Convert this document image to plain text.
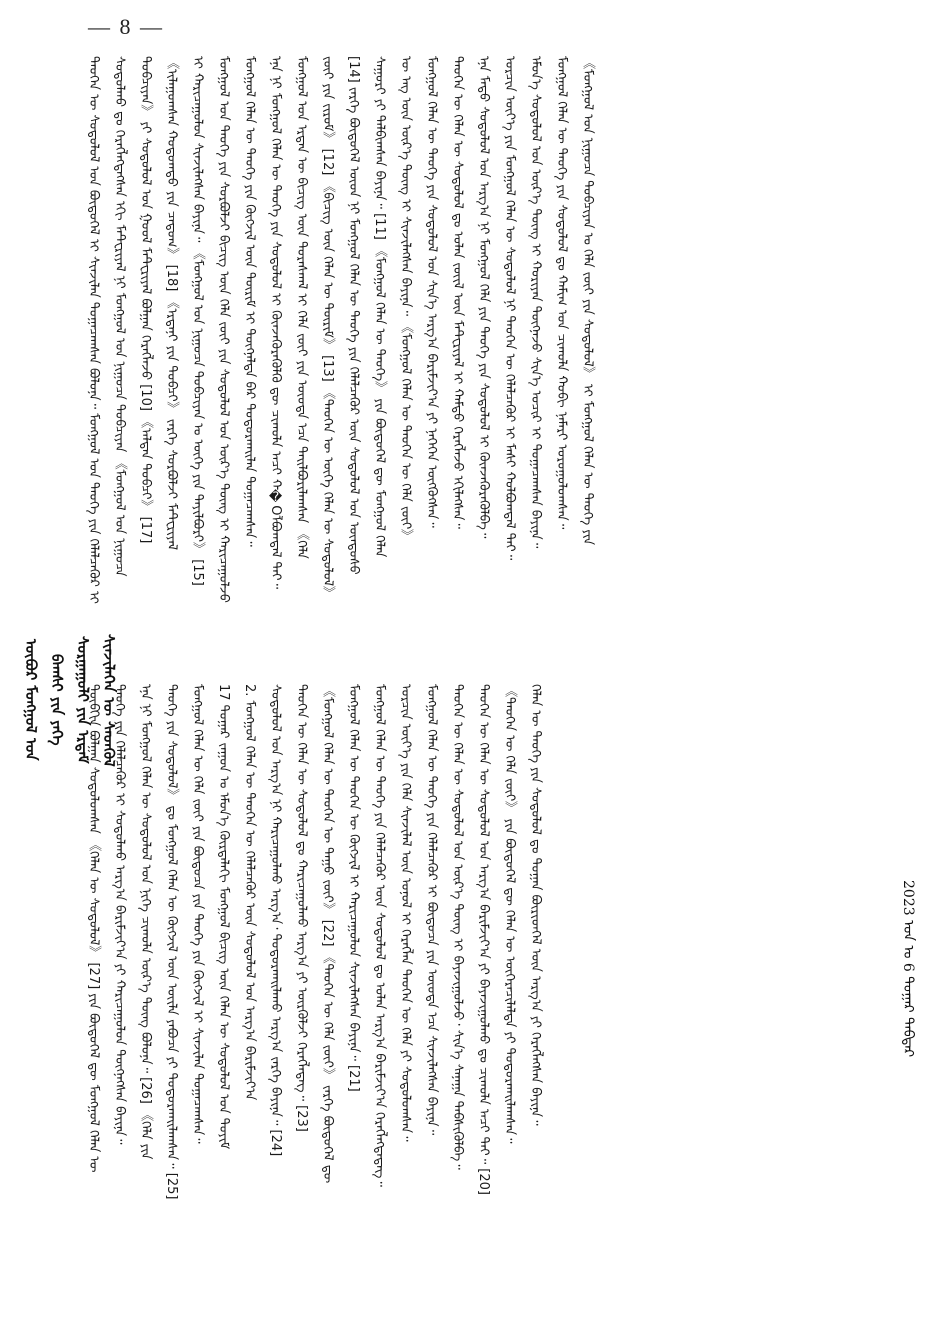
— 8 —
ᠥᠪᠦᠷ ᠮᠣᠩᠭᠣᠯ ᠤᠨ ᠪᠠᠭᠰᠢ ᠶᠢᠨ ᠶᠡᠬᠡ ᠰᠤᠷᠭᠠᠭᠤᠯᠢ ᠶᠢᠨ ᠡᠷᠳᠡᠮ ᠰᠢᠨᠵᠢᠯᠡᠭᠡᠨ ᠦ ᠰᠡᠳᠬᠦᠯ
2023 ᠣᠨ ᠤ 6 ᠳᠤᠭᠠᠷ ᠳᠡᠪᠲᠡᠷ
ᠲᠡᠦᠬᠡᠨ ᠦ ᠰᠤᠳᠤᠯᠤᠯ ᠤᠨ ᠪᠦᠲᠦᠭᠡᠯ ᠢ ᠰᠢᠨᠵᠢᠯᠡᠨ ᠲᠣᠭᠠᠴᠠᠭᠰᠠᠨ ᠪᠣᠯᠤᠨᠠ᠃ ᠮᠣᠩᠭᠣᠯ ᠤᠨ ᠲᠡᠦᠬᠡ ᠶᠢᠨ ᠬᠡᠯᠡᠯᠴᠡᠭᠦᠷ ᠢ ᠰᠤᠳᠤᠯᠬᠤ ᠳᠤ ᠬᠡᠷᠡᠭᠯᠡᠭᠳᠡᠭᠰᠡᠨ ᠡᠬᠢ ᠮᠠᠲ᠋ᠧᠷᠢᠶᠠᠯ ᠨᠢ ᠮᠣᠩᠭᠣᠯ ᠤᠨ ᠨᠢᠭᠤᠴᠠ ᠲᠣᠪᠴᠢᠶᠠᠨ 《ᠮᠣᠩᠭᠣᠯ ᠤᠨ ᠨᠢᠭᠤᠴᠠ ᠲᠣᠪᠴᠢᠶᠠᠨ》 ᠶᠢ ᠰᠤᠳᠤᠯᠤᠯ ᠤᠨ ᠭᠣᠣᠯ ᠮᠠᠲ᠋ᠧᠷᠢᠶᠠᠯ ᠪᠣᠯᠭᠠᠨ ᠬᠡᠷᠡᠭᠯᠡᠵᠦ [10] 《ᠠᠯᠲᠠᠨ ᠲᠣᠪᠴᠢ》 [17] 《ᠢᠯᠠᠭᠤᠭᠰᠠᠨ ᠬᠤᠲᠤᠭᠲᠤ ᠶᠢᠨ ᠴᠠᠳᠤᠭ》 [18] 《ᠡᠷᠳᠡᠨᠢ ᠶᠢᠨ ᠲᠣᠪᠴᠢ》 ᠵᠡᠷᠭᠡ ᠰᠤᠷᠪᠤᠯᠵᠢ ᠮᠠᠲ᠋ᠧᠷᠢᠶᠠᠯ ᠢ ᠬᠠᠷᠢᠴᠠᠭᠤᠯᠤᠨ ᠰᠢᠨᠵᠢᠯᠡᠭᠰᠡᠨ ᠪᠠᠶᠢᠨᠠ᠃ 《ᠮᠣᠩᠭᠣᠯ ᠤᠨ ᠨᠢᠭᠤᠴᠠ ᠲᠣᠪᠴᠢᠶᠠᠨ ᠤ ᠦᠭᠡ ᠶᠢᠨ ᠲᠠᠶᠢᠯᠪᠤᠷᠢ》 [15] ᠮᠣᠩᠭᠣᠯ ᠤᠨ ᠲᠡᠦᠬᠡ ᠶᠢᠨ ᠰᠤᠷᠪᠤᠯᠵᠢ ᠪᠢᠴᠢᠭ ᠦᠨ ᠬᠡᠯᠡ ᠵᠦᠢ ᠶᠢᠨ ᠰᠤᠳᠤᠯᠤᠯ ᠤᠨ ᠦᠷ᠎ᠡ ᠳᠦᠩ ᠢ ᠬᠠᠷᠢᠴᠠᠭᠤᠯᠵᠤ ᠮᠣᠩᠭᠣᠯ ᠬᠡᠯᠡᠨ ᠦ ᠲᠡᠦᠬᠡ ᠶᠢᠨ ᠬᠥᠭᠵᠢᠯ ᠦᠨ ᠳᠦᠷᠢᠮ ᠢ ᠳᠦᠭᠨᠡᠯᠲᠡ ᠪᠡᠷ ᠲᠣᠳᠤᠷᠬᠠᠢᠯᠠᠨ ᠲᠣᠭᠠᠴᠠᠭᠰᠠᠨ᠃ ᠡᠨᠡ ᠨᠢ ᠮᠣᠩᠭᠣᠯ ᠬᠡᠯᠡᠨ ᠦ ᠲᠡᠦᠬᠡ ᠶᠢᠨ ᠰᠤᠳᠤᠯᠤᠯ ᠢ ᠭᠦᠨᠵᠡᠭᠦᠷᠡᠭᠦᠯᠬᠦ ᠳᠦ ᠴᠢᠬᠤᠯᠠ ᠠᠴᠢ ᠬ�Оᠯᠪᠣᠭᠳᠠᠯ ᠲᠠᠢ᠃ ᠮᠣᠩᠭᠣᠯ ᠤᠨ ᠡᠷᠲᠡᠨ ᠦ ᠪᠢᠴᠢᠭ᠌ ᠦᠨ ᠳᠤᠷᠠᠰᠬᠠᠯ ᠢ ᠬᠡᠯᠡ ᠵᠦᠢ ᠶᠢᠨ ᠦᠦᠳᠡ ᠡᠴᠡ ᠲᠠᠢᠯᠪᠤᠷᠢᠯᠠᠭᠰᠠᠨ 《ᠬᠡᠯᠡ ᠵᠦᠢ ᠶᠢᠨ ᠵᠢᠷᠤᠮ》 [12] 《ᠪᠢᠴᠢᠭ᠌ ᠦᠨ ᠬᠡᠯᠡᠨ ᠦ ᠳᠦᠷᠢᠮ》 [13] 《ᠲᠡᠦᠬᠡᠨ ᠦ ᠦᠭᠡ ᠬᠡᠯᠡᠨ ᠦ ᠰᠤᠳᠤᠯᠤᠯ》 [14] ᠵᠡᠷᠭᠡ ᠪᠦᠲᠦᠭᠡᠯ ᠦᠳ ᠨᠢ ᠮᠣᠩᠭᠣᠯ ᠬᠡᠯᠡᠨ ᠦ ᠲᠡᠦᠬᠡ ᠶᠢᠨ ᠬᠡᠯᠡᠯᠴᠡᠭᠦᠷ ᠦᠨ ᠰᠤᠳᠤᠯᠤᠯ ᠤᠨ ᠦᠨᠳᠦᠰᠦ ᠰᠠᠭᠤᠷᠢ ᠶᠢ ᠲᠠᠯᠪᠢᠭᠰᠠᠨ ᠪᠠᠶᠢᠨᠠ᠃ [11] 《ᠮᠣᠩᠭᠣᠯ ᠬᠡᠯᠡᠨ ᠦ ᠲᠡᠦᠬᠡ》 ᠶᠢᠨ ᠪᠦᠲᠦᠭᠡᠯ ᠳᠦ ᠮᠣᠩᠭᠣᠯ ᠬᠡᠯᠡᠨ ᠦ ᠡᠩ ᠦᠨ ᠦᠷ᠎ᠡ ᠳᠦᠩ ᠢ ᠰᠢᠨᠵᠢᠯᠡᠭᠰᠡᠨ ᠪᠠᠶᠢᠨᠠ᠃ 《ᠮᠣᠩᠭᠣᠯ ᠬᠡᠯᠡᠨ ᠦ ᠲᠡᠦᠬᠡᠨ ᠦ ᠬᠡᠯᠡ ᠵᠦᠢ》 ᠮᠣᠩᠭᠣᠯ ᠬᠡᠯᠡᠨ ᠦ ᠲᠡᠦᠬᠡ ᠶᠢᠨ ᠰᠤᠳᠤᠯᠤᠯ ᠤᠨ ᠰᠢᠨ᠎ᠡ ᠠᠷᠭ᠎ᠠ ᠪᠠᠷᠢᠮᠵᠢᠶ᠎ᠠ ᠶᠢ ᠨᠡᠭᠡᠭᠡᠨ ᠦᠭᠭᠦᠭᠰᠡᠨ᠃ ᠲᠡᠦᠬᠡᠨ ᠦ ᠬᠡᠯᠡᠨ ᠦ ᠰᠤᠳᠤᠯᠤᠯ ᠳᠤ ᠣᠯᠠᠨ ᠵᠦᠢᠯ ᠦᠨ ᠮᠠᠲ᠋ᠧᠷᠢᠶᠠᠯ ᠢ ᠬᠠᠮᠲᠤ ᠬᠡᠷᠡᠭᠯᠡᠵᠦ ᠡᠬᠢᠯᠡᠭᠰᠡᠨ᠃ ᠡᠨᠡ ᠮᠡᠲᠦ ᠰᠤᠳᠤᠯᠤᠯ ᠤᠨ ᠠᠷᠭ᠎ᠠ ᠨᠢ ᠮᠣᠩᠭᠣᠯ ᠬᠡᠯᠡ ᠶᠢᠨ ᠲᠡᠦᠬᠡ ᠶᠢᠨ ᠰᠤᠳᠤᠯᠤᠯ ᠢ ᠭᠦᠨᠵᠡᠭᠦᠷᠡᠭᠦᠯᠪᠡ᠃ ᠣᠷᠴᠢᠨ ᠦᠶ᠎ᠡ ᠶᠢᠨ ᠮᠣᠩᠭᠣᠯ ᠬᠡᠯᠡᠨ ᠦ ᠰᠤᠳᠤᠯᠤᠯ ᠨᠢ ᠲᠡᠦᠬᠡᠨ ᠦ ᠬᠡᠯᠡᠯᠴᠡᠭᠦᠷ ᠢ ᠮᠠᠰᠢ ᠬᠣᠯᠪᠣᠭᠳᠠᠯ ᠲᠠᠢ᠃ ᠡᠮᠦᠨ᠎ᠡ ᠰᠤᠳᠤᠯᠤᠯ ᠤᠨ ᠦᠷ᠎ᠡ ᠳᠦᠩ ᠢ ᠬᠤᠷᠢᠶᠠᠨ ᠳᠦᠭᠨᠡᠵᠦ ᠰᠢᠨ᠎ᠡ ᠤᠴᠢᠷ ᠢ ᠲᠣᠭᠠᠴᠠᠭᠰᠠᠨ ᠪᠠᠶᠢᠨᠠ᠃ ᠮᠣᠩᠭᠣᠯ ᠬᠡᠯᠡᠨ ᠦ ᠲᠡᠦᠬᠡ ᠶᠢᠨ ᠰᠤᠳᠤᠯᠤᠯ ᠳᠤ ᠬᠠᠮᠢᠭ ᠤᠨ ᠴᠢᠬᠤᠯᠠ ᠬᠤᠪᠢ ᠨᠡᠮᠡᠷᠢ ᠣᠷᠤᠭᠤᠯᠤᠭᠰᠠᠨ᠃ 《ᠮᠣᠩᠭᠣᠯ ᠤᠨ ᠨᠢᠭᠤᠴᠠ ᠲᠣᠪᠴᠢᠶᠠᠨ ᠤ ᠬᠡᠯᠡ ᠵᠦᠢ ᠶᠢᠨ ᠰᠤᠳᠤᠯᠤᠯ》 ᠢ ᠮᠣᠩᠭᠣᠯ ᠬᠡᠯᠡᠨ ᠦ ᠲᠡᠦᠬᠡ ᠶᠢᠨ
ᠲᠦᠪᠬᠢᠨ ᠪᠣᠯᠭᠠᠨ ᠰᠤᠳᠤᠯᠤᠭᠰᠠᠨ 《ᠬᠡᠯᠡᠨ ᠦ ᠰᠤᠳᠤᠯᠤᠯ》 [27] ᠶᠢᠨ ᠪᠦᠲᠦᠭᠡᠯ ᠳᠦ ᠮᠣᠩᠭᠣᠯ ᠬᠡᠯᠡᠨ ᠦ ᠲᠡᠦᠬᠡ ᠶᠢᠨ ᠬᠡᠯᠡᠯᠴᠡᠭᠦᠷ ᠢ ᠰᠤᠳᠤᠯᠬᠤ ᠠᠷᠭ᠎ᠠ ᠪᠠᠷᠢᠮᠵᠢᠶ᠎ᠠ ᠶᠢ ᠬᠠᠷᠢᠴᠠᠭᠤᠯᠤᠨ ᠳᠦᠭᠨᠡᠭᠰᠡᠨ ᠪᠠᠶᠢᠨᠠ᠃ ᠡᠨᠡ ᠨᠢ ᠮᠣᠩᠭᠣᠯ ᠬᠡᠯᠡᠨ ᠦ ᠰᠤᠳᠤᠯᠤᠯ ᠤᠨ ᠨᠢᠭᠡ ᠴᠢᠬᠤᠯᠠ ᠦᠷ᠎ᠡ ᠳᠦᠩ ᠪᠣᠯᠤᠨᠠ᠃ [26] 《ᠬᠡᠯᠡ ᠶᠢᠨ ᠲᠡᠦᠬᠡ ᠶᠢᠨ ᠰᠤᠳᠤᠯᠤᠯ》 ᠳᠤ ᠮᠣᠩᠭᠣᠯ ᠬᠡᠯᠡᠨ ᠦ ᠬᠥᠭᠵᠢᠯ ᠦᠨ ᠦᠢᠯᠡ ᠶᠠᠪᠤᠴᠠ ᠶᠢ ᠲᠣᠳᠤᠷᠬᠠᠢᠯᠠᠭᠰᠠᠨ᠃ [25] ᠮᠣᠩᠭᠣᠯ ᠬᠡᠯᠡᠨ ᠦ ᠬᠡᠯᠡ ᠵᠦᠢ ᠶᠢᠨ ᠪᠦᠲᠦᠴᠡ ᠶᠢᠨ ᠲᠡᠦᠬᠡ ᠶᠢᠨ ᠬᠥᠭᠵᠢᠯ ᠢ ᠰᠢᠨᠵᠢᠯᠡᠨ ᠲᠣᠭᠠᠴᠠᠭᠰᠠᠨ᠃ 17 ᠳᠤᠭᠠᠷ ᠵᠠᠭᠤᠨ ᠤ ᠡᠮᠦᠨ᠎ᠡ ᠬᠦᠷᠲᠡᠯᠡᠬᠢ ᠮᠣᠩᠭᠣᠯ ᠪᠢᠴᠢᠭ᠌ ᠦᠨ ᠬᠡᠯᠡᠨ ᠦ ᠰᠤᠳᠤᠯᠤᠯ ᠤᠨ ᠲᠣᠶᠢᠮ 2. ᠮᠣᠩᠭᠣᠯ ᠬᠡᠯᠡᠨ ᠦ ᠲᠡᠦᠬᠡᠨ ᠦ ᠬᠡᠯᠡᠯᠴᠡᠭᠦᠷ ᠦᠨ ᠰᠤᠳᠤᠯᠤᠯ ᠤᠨ ᠠᠷᠭ᠎ᠠ ᠪᠠᠷᠢᠮᠵᠢᠶ᠎ᠠ ᠰᠤᠳᠤᠯᠤᠯ ᠤᠨ ᠠᠷᠭ᠎ᠠ ᠨᠢ ᠬᠠᠷᠢᠴᠠᠭᠤᠯᠬᠤ ᠠᠷᠭ᠎ᠠ᠂ ᠲᠣᠳᠤᠷᠬᠠᠢᠯᠠᠬᠤ ᠠᠷᠭ᠎ᠠ ᠵᠡᠷᠭᠡ ᠪᠠᠶᠢᠨᠠ᠃ [24] ᠲᠡᠦᠬᠡᠨ ᠦ ᠬᠡᠯᠡᠨ ᠦ ᠰᠤᠳᠤᠯᠤᠯ ᠳᠤ ᠬᠠᠷᠢᠴᠠᠭᠤᠯᠬᠤ ᠠᠷᠭ᠎ᠠ ᠶᠢ ᠦᠷᠭᠦᠯᠵᠢ ᠬᠡᠷᠡᠭᠯᠡᠳᠡᠭ᠃ [23] 《ᠮᠣᠩᠭᠣᠯ ᠬᠡᠯᠡᠨ ᠦ ᠲᠡᠦᠬᠡᠨ ᠦ ᠳᠠᠭᠤ ᠵᠦᠢ》 [22] 《ᠲᠡᠦᠬᠡᠨ ᠦ ᠬᠡᠯᠡ ᠵᠦᠢ》 ᠵᠡᠷᠭᠡ ᠪᠦᠲᠦᠭᠡᠯ ᠳᠦ ᠮᠣᠩᠭᠣᠯ ᠬᠡᠯᠡᠨ ᠦ ᠲᠡᠦᠬᠡᠨ ᠦ ᠬᠥᠭᠵᠢᠯ ᠢ ᠬᠠᠷᠢᠴᠠᠭᠤᠯᠤᠨ ᠰᠢᠨᠵᠢᠯᠡᠭᠰᠡᠨ ᠪᠠᠶᠢᠨᠠ᠃ [21] ᠮᠣᠩᠭᠣᠯ ᠬᠡᠯᠡᠨ ᠦ ᠲᠡᠦᠬᠡ ᠶᠢᠨ ᠬᠡᠯᠡᠯᠴᠡᠭᠦᠷ ᠦᠨ ᠰᠤᠳᠤᠯᠤᠯ ᠳᠤ ᠣᠯᠠᠨ ᠠᠷᠭ᠎ᠠ ᠪᠠᠷᠢᠮᠵᠢᠶ᠎ᠠ ᠬᠡᠷᠡᠭᠯᠡᠭᠳᠡᠳᠡᠭ᠃ ᠣᠷᠴᠢᠨ ᠦᠶ᠎ᠡ ᠶᠢᠨ ᠬᠡᠯᠡ ᠰᠢᠨᠵᠢᠯᠡᠯ ᠦᠨ ᠣᠨᠣᠯ ᠢ ᠬᠡᠷᠡᠭᠯᠡᠨ ᠲᠡᠦᠬᠡᠨ ᠦ ᠬᠡᠯᠡ ᠶᠢ ᠰᠤᠳᠤᠯᠤᠭᠰᠠᠨ᠃ ᠮᠣᠩᠭᠣᠯ ᠬᠡᠯᠡᠨ ᠦ ᠲᠡᠦᠬᠡ ᠶᠢᠨ ᠬᠡᠯᠡᠯᠴᠡᠭᠦᠷ ᠢ ᠪᠦᠲᠦᠴᠡ ᠶᠢᠨ ᠦᠦᠳᠡ ᠡᠴᠡ ᠰᠢᠨᠵᠢᠯᠡᠭᠰᠡᠨ ᠪᠠᠶᠢᠨᠠ᠃ ᠲᠡᠦᠬᠡᠨ ᠦ ᠬᠡᠯᠡᠨ ᠦ ᠰᠤᠳᠤᠯᠤᠯ ᠤᠨ ᠦᠷ᠎ᠡ ᠳᠦᠩ ᠢ ᠪᠠᠶᠠᠵᠢᠭᠤᠯᠵᠤ᠂ ᠰᠢᠨ᠎ᠡ ᠰᠠᠨᠠᠭᠠ ᠳᠡᠪᠰᠢᠭᠦᠯᠪᠡ᠃ ᠲᠡᠦᠬᠡᠨ ᠦ ᠬᠡᠯᠡᠨ ᠦ ᠰᠤᠳᠤᠯᠤᠯ ᠤᠨ ᠠᠷᠭ᠎ᠠ ᠪᠠᠷᠢᠮᠵᠢᠶ᠎ᠠ ᠶᠢ ᠪᠠᠶᠠᠵᠢᠭᠤᠯᠬᠤ ᠳᠤ ᠴᠢᠬᠤᠯᠠ ᠠᠴᠢ ᠲᠠᠢ᠃ [20] 《ᠲᠡᠦᠬᠡᠨ ᠦ ᠬᠡᠯᠡ ᠵᠦᠢ》 ᠶᠢᠨ ᠪᠦᠲᠦᠭᠡᠯ ᠳᠦ ᠬᠡᠯᠡᠨ ᠦ ᠥᠭᠡᠷᠡᠴᠢᠯᠡᠯᠲᠡ ᠶᠢ ᠲᠣᠳᠤᠷᠬᠠᠢᠯᠠᠭᠰᠠᠨ᠃ ᠬᠡᠯᠡᠨ ᠦ ᠲᠡᠦᠬᠡ ᠶᠢᠨ ᠰᠤᠳᠤᠯᠤᠯ ᠳᠤ ᠲᠣᠭᠠᠨ ᠪᠦᠷᠢᠳᠬᠡᠯ ᠦᠨ ᠠᠷᠭ᠎ᠠ ᠶᠢ ᠬᠡᠷᠡᠭᠯᠡᠭᠰᠡᠨ ᠪᠠᠶᠢᠨᠠ᠃
